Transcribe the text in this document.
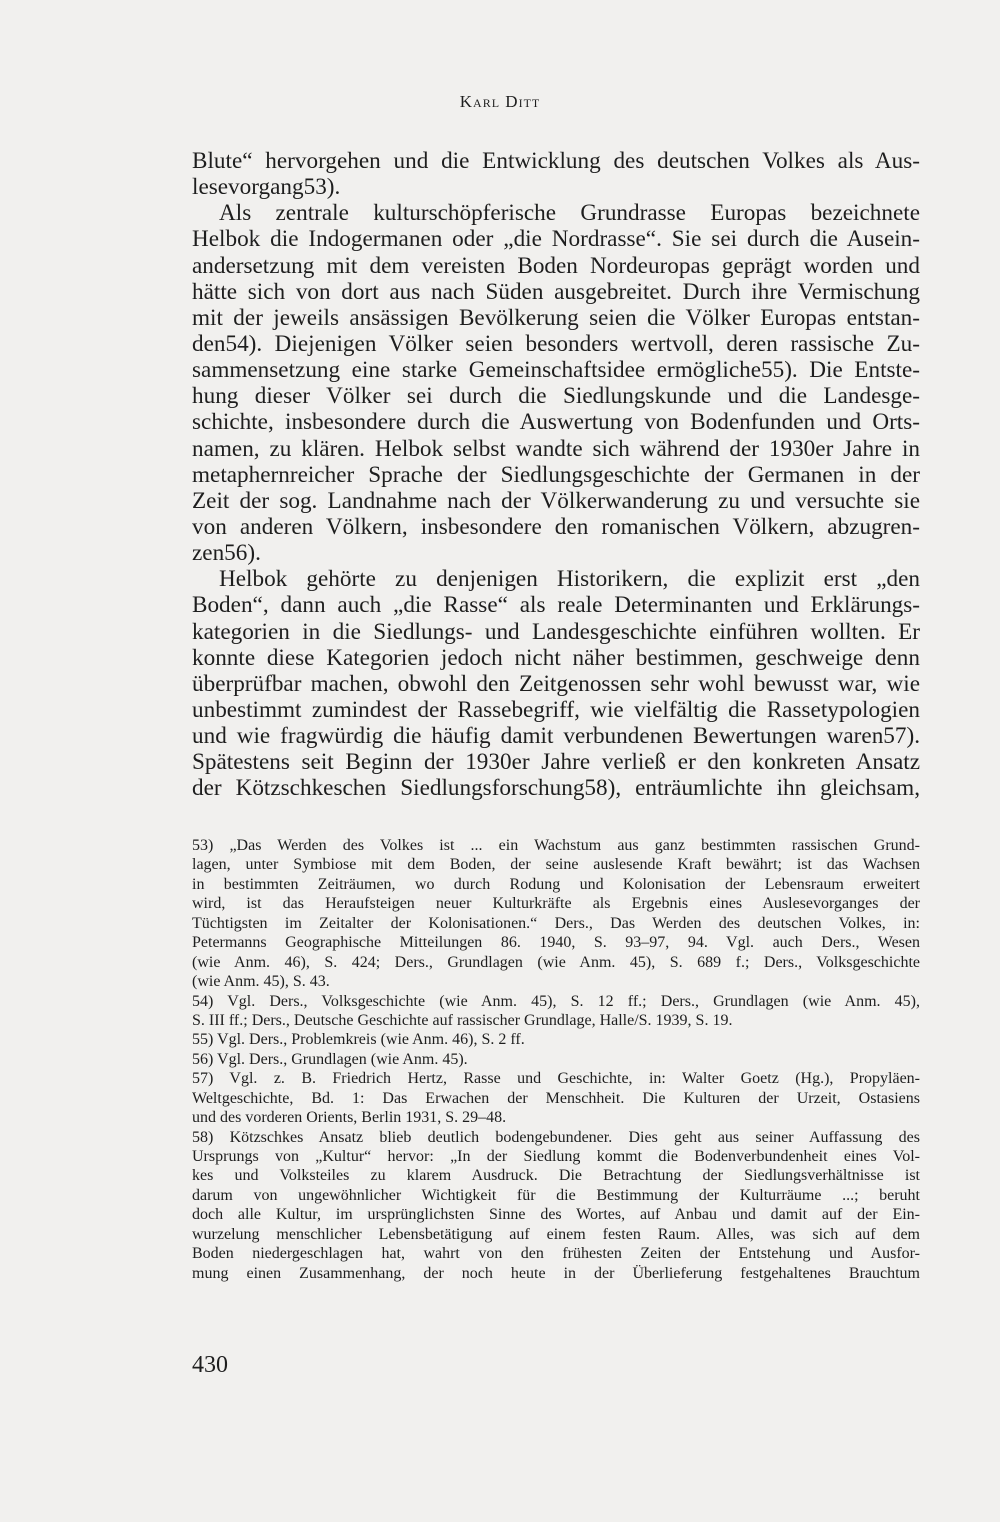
Karl Ditt
Blute“ hervorgehen und die Entwicklung des deutschen Volkes als Aus-
lesevorgang53).
Als zentrale kulturschöpferische Grundrasse Europas bezeichnete
Helbok die Indogermanen oder „die Nordrasse“. Sie sei durch die Ausein-
andersetzung mit dem vereisten Boden Nordeuropas geprägt worden und
hätte sich von dort aus nach Süden ausgebreitet. Durch ihre Vermischung
mit der jeweils ansässigen Bevölkerung seien die Völker Europas entstan-
den54). Diejenigen Völker seien besonders wertvoll, deren rassische Zu-
sammensetzung eine starke Gemeinschaftsidee ermögliche55). Die Entste-
hung dieser Völker sei durch die Siedlungskunde und die Landesge-
schichte, insbesondere durch die Auswertung von Bodenfunden und Orts-
namen, zu klären. Helbok selbst wandte sich während der 1930er Jahre in
metaphernreicher Sprache der Siedlungsgeschichte der Germanen in der
Zeit der sog. Landnahme nach der Völkerwanderung zu und versuchte sie
von anderen Völkern, insbesondere den romanischen Völkern, abzugren-
zen56).
Helbok gehörte zu denjenigen Historikern, die explizit erst „den
Boden“, dann auch „die Rasse“ als reale Determinanten und Erklärungs-
kategorien in die Siedlungs- und Landesgeschichte einführen wollten. Er
konnte diese Kategorien jedoch nicht näher bestimmen, geschweige denn
überprüfbar machen, obwohl den Zeitgenossen sehr wohl bewusst war, wie
unbestimmt zumindest der Rassebegriff, wie vielfältig die Rassetypologien
und wie fragwürdig die häufig damit verbundenen Bewertungen waren57).
Spätestens seit Beginn der 1930er Jahre verließ er den konkreten Ansatz
der Kötzschkeschen Siedlungsforschung58), enträumlichte ihn gleichsam,
53) „Das Werden des Volkes ist ... ein Wachstum aus ganz bestimmten rassischen Grund-
lagen, unter Symbiose mit dem Boden, der seine auslesende Kraft bewährt; ist das Wachsen
in bestimmten Zeiträumen, wo durch Rodung und Kolonisation der Lebensraum erweitert
wird, ist das Heraufsteigen neuer Kulturkräfte als Ergebnis eines Auslesevorganges der
Tüchtigsten im Zeitalter der Kolonisationen.“ Ders., Das Werden des deutschen Volkes, in:
Petermanns Geographische Mitteilungen 86. 1940, S. 93–97, 94. Vgl. auch Ders., Wesen
(wie Anm. 46), S. 424; Ders., Grundlagen (wie Anm. 45), S. 689 f.; Ders., Volksgeschichte
(wie Anm. 45), S. 43.
54) Vgl. Ders., Volksgeschichte (wie Anm. 45), S. 12 ff.; Ders., Grundlagen (wie Anm. 45),
S. III ff.; Ders., Deutsche Geschichte auf rassischer Grundlage, Halle/S. 1939, S. 19.
55) Vgl. Ders., Problemkreis (wie Anm. 46), S. 2 ff.
56) Vgl. Ders., Grundlagen (wie Anm. 45).
57) Vgl. z. B. Friedrich Hertz, Rasse und Geschichte, in: Walter Goetz (Hg.), Propyläen-
Weltgeschichte, Bd. 1: Das Erwachen der Menschheit. Die Kulturen der Urzeit, Ostasiens
und des vorderen Orients, Berlin 1931, S. 29–48.
58) Kötzschkes Ansatz blieb deutlich bodengebundener. Dies geht aus seiner Auffassung des
Ursprungs von „Kultur“ hervor: „In der Siedlung kommt die Bodenverbundenheit eines Vol-
kes und Volksteiles zu klarem Ausdruck. Die Betrachtung der Siedlungsverhältnisse ist
darum von ungewöhnlicher Wichtigkeit für die Bestimmung der Kulturräume ...; beruht
doch alle Kultur, im ursprünglichsten Sinne des Wortes, auf Anbau und damit auf der Ein-
wurzelung menschlicher Lebensbetätigung auf einem festen Raum. Alles, was sich auf dem
Boden niedergeschlagen hat, wahrt von den frühesten Zeiten der Entstehung und Ausfor-
mung einen Zusammenhang, der noch heute in der Überlieferung festgehaltenes Brauchtum
430
